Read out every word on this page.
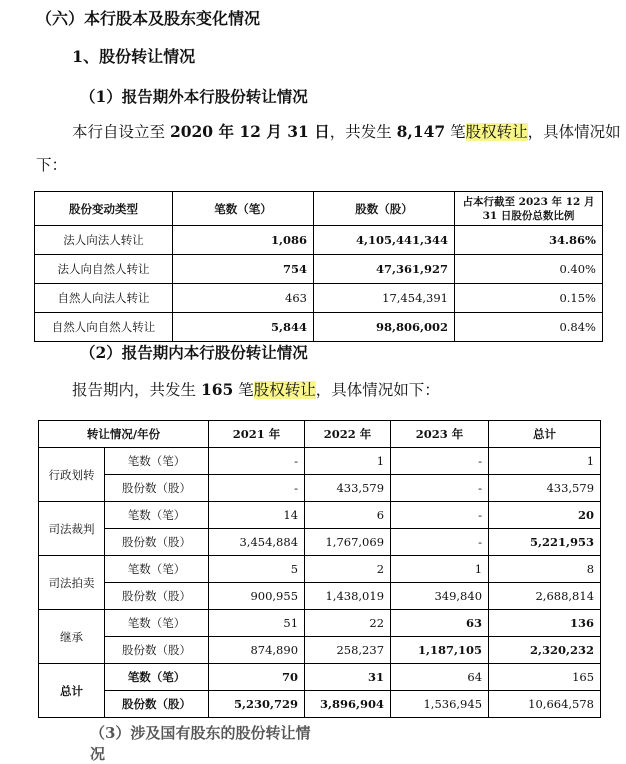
（六）本行股本及股东变化情况
1、股份转让情况
（1）报告期外本行股份转让情况
本行自设立至 2020 年 12 月 31 日，共发生 8,147 笔股权转让，具体情况如
下：
股份变动类型	笔数（笔）	股数（股）	占本行截至 2023 年 12 月 31 日股份总数比例
法人向法人转让	1,086	4,105,441,344	34.86%
法人向自然人转让	754	47,361,927	0.40%
自然人向法人转让	463	17,454,391	0.15%
自然人向自然人转让	5,844	98,806,002	0.84%
（2）报告期内本行股份转让情况
报告期内，共发生 165 笔股权转让，具体情况如下：
转让情况/年份		2021 年	2022 年	2023 年	总计
行政划转	笔数（笔）	-	1	-	1
	股份数（股）	-	433,579	-	433,579
司法裁判	笔数（笔）	14	6	-	20
	股份数（股）	3,454,884	1,767,069	-	5,221,953
司法拍卖	笔数（笔）	5	2	1	8
	股份数（股）	900,955	1,438,019	349,840	2,688,814
继承	笔数（笔）	51	22	63	136
	股份数（股）	874,890	258,237	1,187,105	2,320,232
总计	笔数（笔）	70	31	64	165
	股份数（股）	5,230,729	3,896,904	1,536,945	10,664,578
（3）涉及国有股东的股份转让情况
